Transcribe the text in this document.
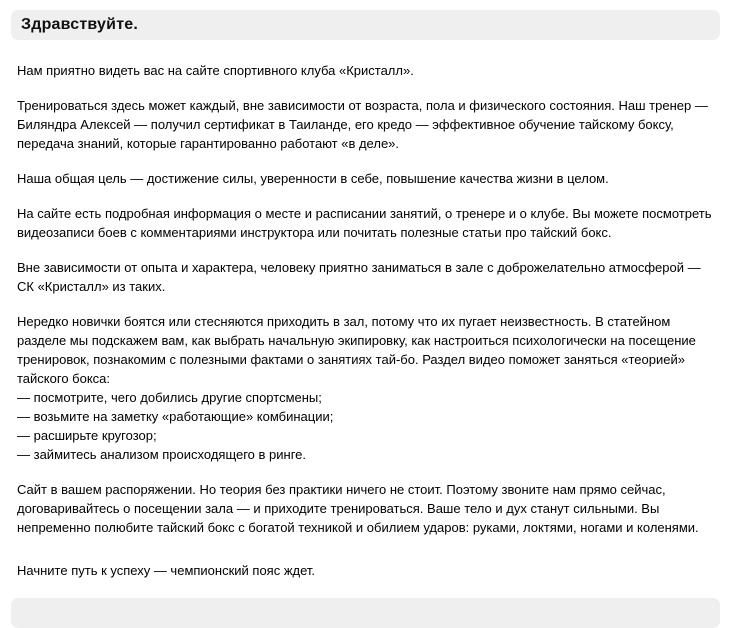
Здравствуйте.

Нам приятно видеть вас на сайте спортивного клуба «Кристалл».

Тренироваться здесь может каждый, вне зависимости от возраста, пола и физического состояния. Наш тренер — Биляндра Алексей — получил сертификат в Таиланде, его кредо — эффективное обучение тайскому боксу, передача знаний, которые гарантированно работают «в деле».

Наша общая цель — достижение силы, уверенности в себе, повышение качества жизни в целом.

На сайте есть подробная информация о месте и расписании занятий, о тренере и о клубе. Вы можете посмотреть видеозаписи боев с комментариями инструктора или почитать полезные статьи про тайский бокс.

Вне зависимости от опыта и характера, человеку приятно заниматься в зале с доброжелательно атмосферой — СК «Кристалл» из таких.

Нередко новички боятся или стесняются приходить в зал, потому что их пугает неизвестность. В статейном разделе мы подскажем вам, как выбрать начальную экипировку, как настроиться психологически на посещение тренировок, познакомим с полезными фактами о занятиях тай-бо. Раздел видео поможет заняться «теорией» тайского бокса:

— посмотрите, чего добились другие спортсмены;
— возьмите на заметку «работающие» комбинации;
— расширьте кругозор;
— займитесь анализом происходящего в ринге.

Сайт в вашем распоряжении. Но теория без практики ничего не стоит. Поэтому звоните нам прямо сейчас, договаривайтесь о посещении зала — и приходите тренироваться. Ваше тело и дух станут сильными. Вы непременно полюбите тайский бокс с богатой техникой и обилием ударов: руками, локтями, ногами и коленями.

Начните путь к успеху — чемпионский пояс ждет.
